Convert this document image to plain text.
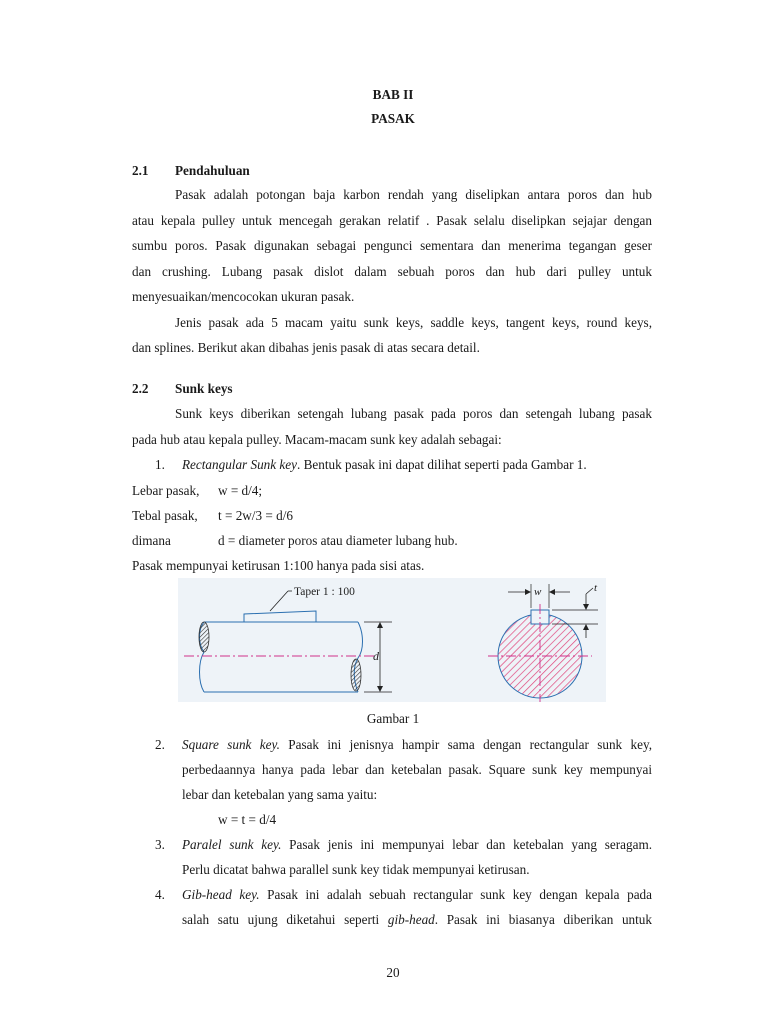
BAB II
PASAK
2.1 Pendahuluan
Pasak adalah potongan baja karbon rendah yang diselipkan antara poros dan hub
atau kepala pulley untuk mencegah gerakan relatif . Pasak selalu diselipkan sejajar dengan
sumbu poros. Pasak digunakan sebagai pengunci sementara dan menerima tegangan geser
dan crushing. Lubang pasak dislot dalam sebuah poros dan hub dari pulley untuk
menyesuaikan/mencocokan ukuran pasak.
Jenis pasak ada 5 macam yaitu sunk keys, saddle keys, tangent keys, round keys,
dan splines. Berikut akan dibahas jenis pasak di atas secara detail.
2.2 Sunk keys
Sunk keys diberikan setengah lubang pasak pada poros dan setengah lubang pasak
pada hub atau kepala pulley. Macam-macam sunk key adalah sebagai:
1. Rectangular Sunk key. Bentuk pasak ini dapat dilihat seperti pada Gambar 1.
Lebar pasak, w = d/4;
Tebal pasak, t = 2w/3 = d/6
dimana	d = diameter poros atau diameter lubang hub.
Pasak mempunyai ketirusan 1:100 hanya pada sisi atas.
Taper 1 : 100
d
w	t
Gambar 1
2. Square sunk key. Pasak ini jenisnya hampir sama dengan rectangular sunk key,
perbedaannya hanya pada lebar dan ketebalan pasak. Square sunk key mempunyai
lebar dan ketebalan yang sama yaitu:
w = t = d/4
3. Paralel sunk key. Pasak jenis ini mempunyai lebar dan ketebalan yang seragam.
Perlu dicatat bahwa parallel sunk key tidak mempunyai ketirusan.
4. Gib-head key. Pasak ini adalah sebuah rectangular sunk key dengan kepala pada
salah satu ujung diketahui seperti gib-head. Pasak ini biasanya diberikan untuk
20
